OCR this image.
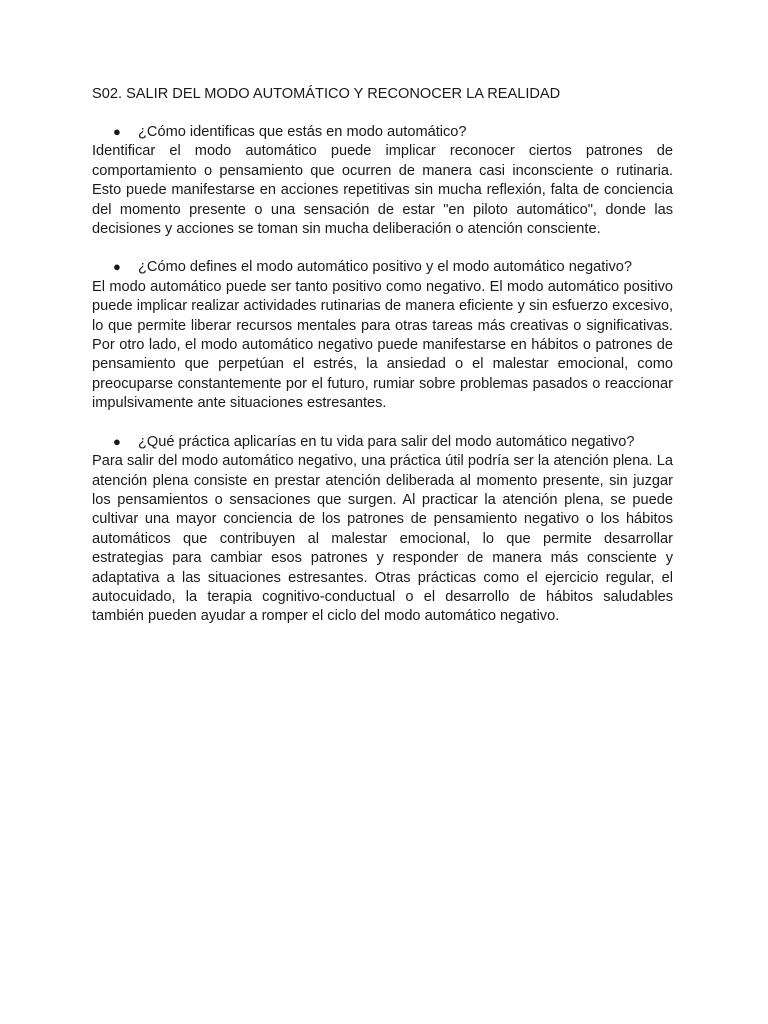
S02. SALIR DEL MODO AUTOMÁTICO Y RECONOCER LA REALIDAD

●	¿Cómo identificas que estás en modo automático?

Identificar el modo automático puede implicar reconocer ciertos patrones de comportamiento o pensamiento que ocurren de manera casi inconsciente o rutinaria. Esto puede manifestarse en acciones repetitivas sin mucha reflexión, falta de conciencia del momento presente o una sensación de estar "en piloto automático", donde las decisiones y acciones se toman sin mucha deliberación o atención consciente.

●	¿Cómo defines el modo automático positivo y el modo automático negativo?

El modo automático puede ser tanto positivo como negativo. El modo automático positivo puede implicar realizar actividades rutinarias de manera eficiente y sin esfuerzo excesivo, lo que permite liberar recursos mentales para otras tareas más creativas o significativas. Por otro lado, el modo automático negativo puede manifestarse en hábitos o patrones de pensamiento que perpetúan el estrés, la ansiedad o el malestar emocional, como preocuparse constantemente por el futuro, rumiar sobre problemas pasados o reaccionar impulsivamente ante situaciones estresantes.

●	¿Qué práctica aplicarías en tu vida para salir del modo automático negativo?

Para salir del modo automático negativo, una práctica útil podría ser la atención plena. La atención plena consiste en prestar atención deliberada al momento presente, sin juzgar los pensamientos o sensaciones que surgen. Al practicar la atención plena, se puede cultivar una mayor conciencia de los patrones de pensamiento negativo o los hábitos automáticos que contribuyen al malestar emocional, lo que permite desarrollar estrategias para cambiar esos patrones y responder de manera más consciente y adaptativa a las situaciones estresantes. Otras prácticas como el ejercicio regular, el autocuidado, la terapia cognitivo-conductual o el desarrollo de hábitos saludables también pueden ayudar a romper el ciclo del modo automático negativo.
